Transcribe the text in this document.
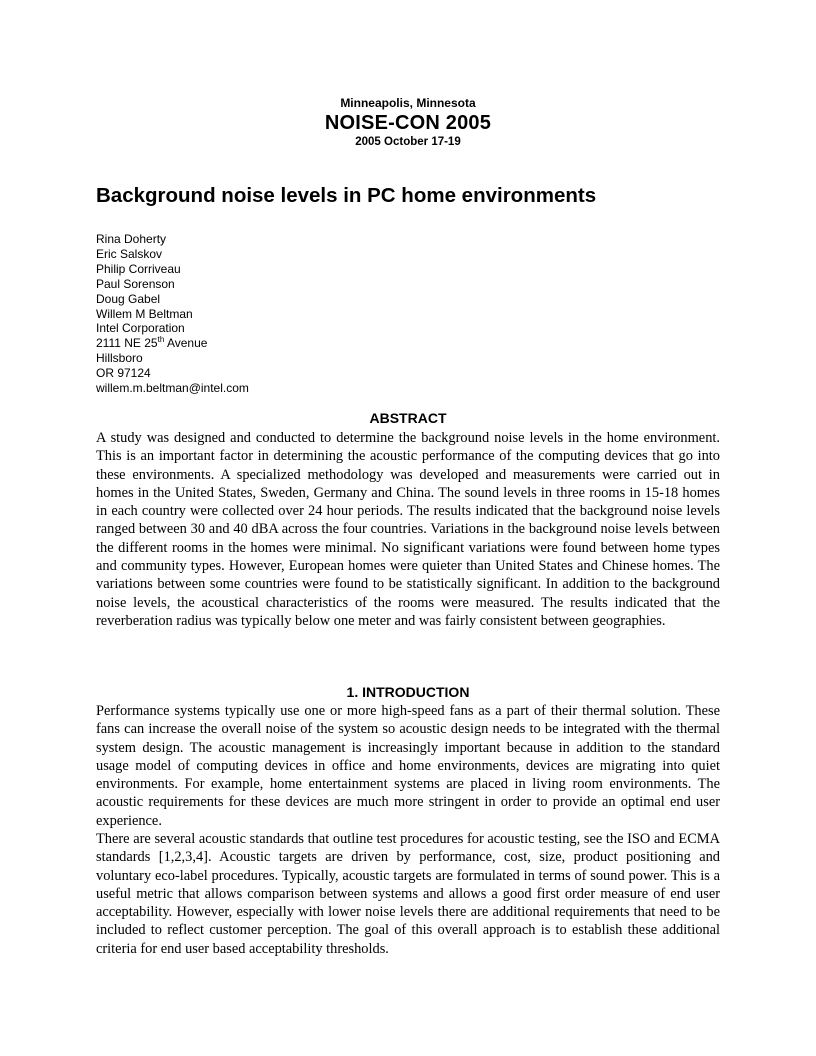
Minneapolis, Minnesota
NOISE-CON 2005
2005 October 17-19
Background noise levels in PC home environments
Rina Doherty
Eric Salskov
Philip Corriveau
Paul Sorenson
Doug Gabel
Willem M Beltman
Intel Corporation
2111 NE 25th Avenue
Hillsboro
OR 97124
willem.m.beltman@intel.com
ABSTRACT

A study was designed and conducted to determine the background noise levels in the home environment. This is an important factor in determining the acoustic performance of the computing devices that go into these environments. A specialized methodology was developed and measurements were carried out in homes in the United States, Sweden, Germany and China. The sound levels in three rooms in 15-18 homes in each country were collected over 24 hour periods. The results indicated that the background noise levels ranged between 30 and 40 dBA across the four countries. Variations in the background noise levels between the different rooms in the homes were minimal. No significant variations were found between home types and community types. However, European homes were quieter than United States and Chinese homes. The variations between some countries were found to be statistically significant. In addition to the background noise levels, the acoustical characteristics of the rooms were measured. The results indicated that the reverberation radius was typically below one meter and was fairly consistent between geographies.

1. INTRODUCTION

Performance systems typically use one or more high-speed fans as a part of their thermal solution. These fans can increase the overall noise of the system so acoustic design needs to be integrated with the thermal system design. The acoustic management is increasingly important because in addition to the standard usage model of computing devices in office and home environments, devices are migrating into quiet environments. For example, home entertainment systems are placed in living room environments. The acoustic requirements for these devices are much more stringent in order to provide an optimal end user experience.

There are several acoustic standards that outline test procedures for acoustic testing, see the ISO and ECMA standards [1,2,3,4]. Acoustic targets are driven by performance, cost, size, product positioning and voluntary eco-label procedures. Typically, acoustic targets are formulated in terms of sound power. This is a useful metric that allows comparison between systems and allows a good first order measure of end user acceptability. However, especially with lower noise levels there are additional requirements that need to be included to reflect customer perception. The goal of this overall approach is to establish these additional criteria for end user based acceptability thresholds.
